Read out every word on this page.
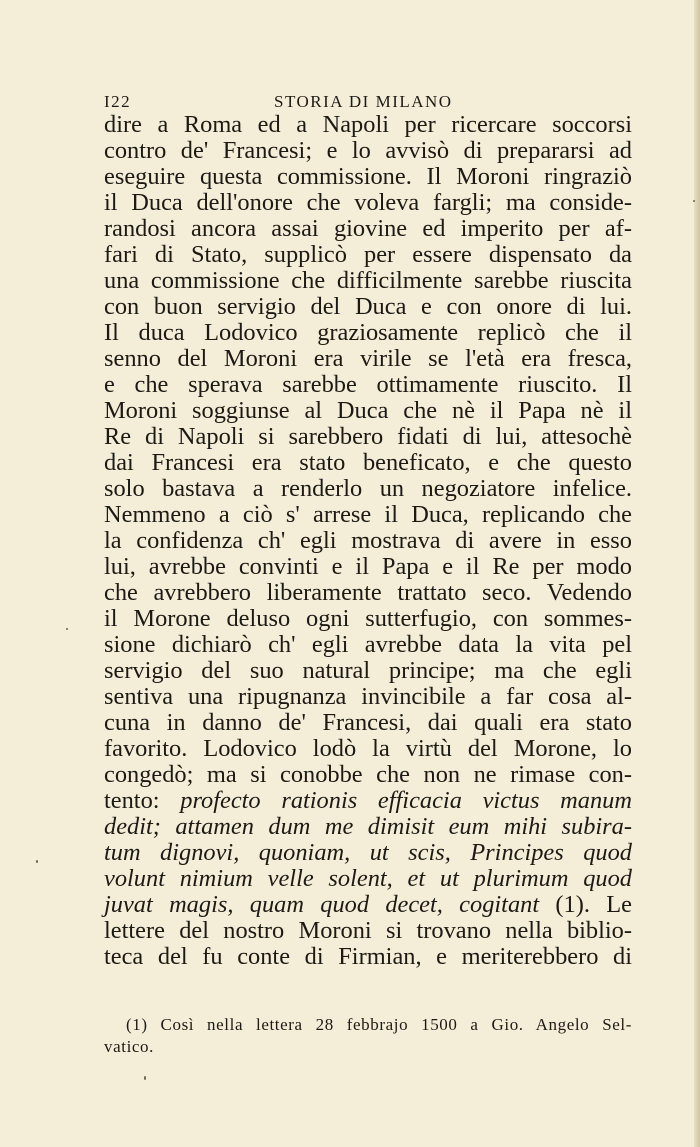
I22	STORIA DI MILANO
dire a Roma ed a Napoli per ricercare soccorsi
contro de' Francesi; e lo avvisò di prepararsi ad
eseguire questa commissione. Il Moroni ringraziò
il Duca dell'onore che voleva fargli; ma conside-
randosi ancora assai giovine ed imperito per af-
fari di Stato, supplicò per essere dispensato da
una commissione che difficilmente sarebbe riuscita
con buon servigio del Duca e con onore di lui.
Il duca Lodovico graziosamente replicò che il
senno del Moroni era virile se l'età era fresca,
e che sperava sarebbe ottimamente riuscito. Il
Moroni soggiunse al Duca che nè il Papa nè il
Re di Napoli si sarebbero fidati di lui, attesochè
dai Francesi era stato beneficato, e che questo
solo bastava a renderlo un negoziatore infelice.
Nemmeno a ciò s' arrese il Duca, replicando che
la confidenza ch' egli mostrava di avere in esso
lui, avrebbe convinti e il Papa e il Re per modo
che avrebbero liberamente trattato seco. Vedendo
il Morone deluso ogni sutterfugio, con sommes-
sione dichiarò ch' egli avrebbe data la vita pel
servigio del suo natural principe; ma che egli
sentiva una ripugnanza invincibile a far cosa al-
cuna in danno de' Francesi, dai quali era stato
favorito. Lodovico lodò la virtù del Morone, lo
congedò; ma si conobbe che non ne rimase con-
tento: profecto rationis efficacia victus manum
dedit; attamen dum me dimisit eum mihi subira-
tum dignovi, quoniam, ut scis, Principes quod
volunt nimium velle solent, et ut plurimum quod
juvat magis, quam quod decet, cogitant (1). Le
lettere del nostro Moroni si trovano nella biblio-
teca del fu conte di Firmian, e meriterebbero di
(1) Così nella lettera 28 febbrajo 1500 a Gio. Angelo Sel-
vatico.
